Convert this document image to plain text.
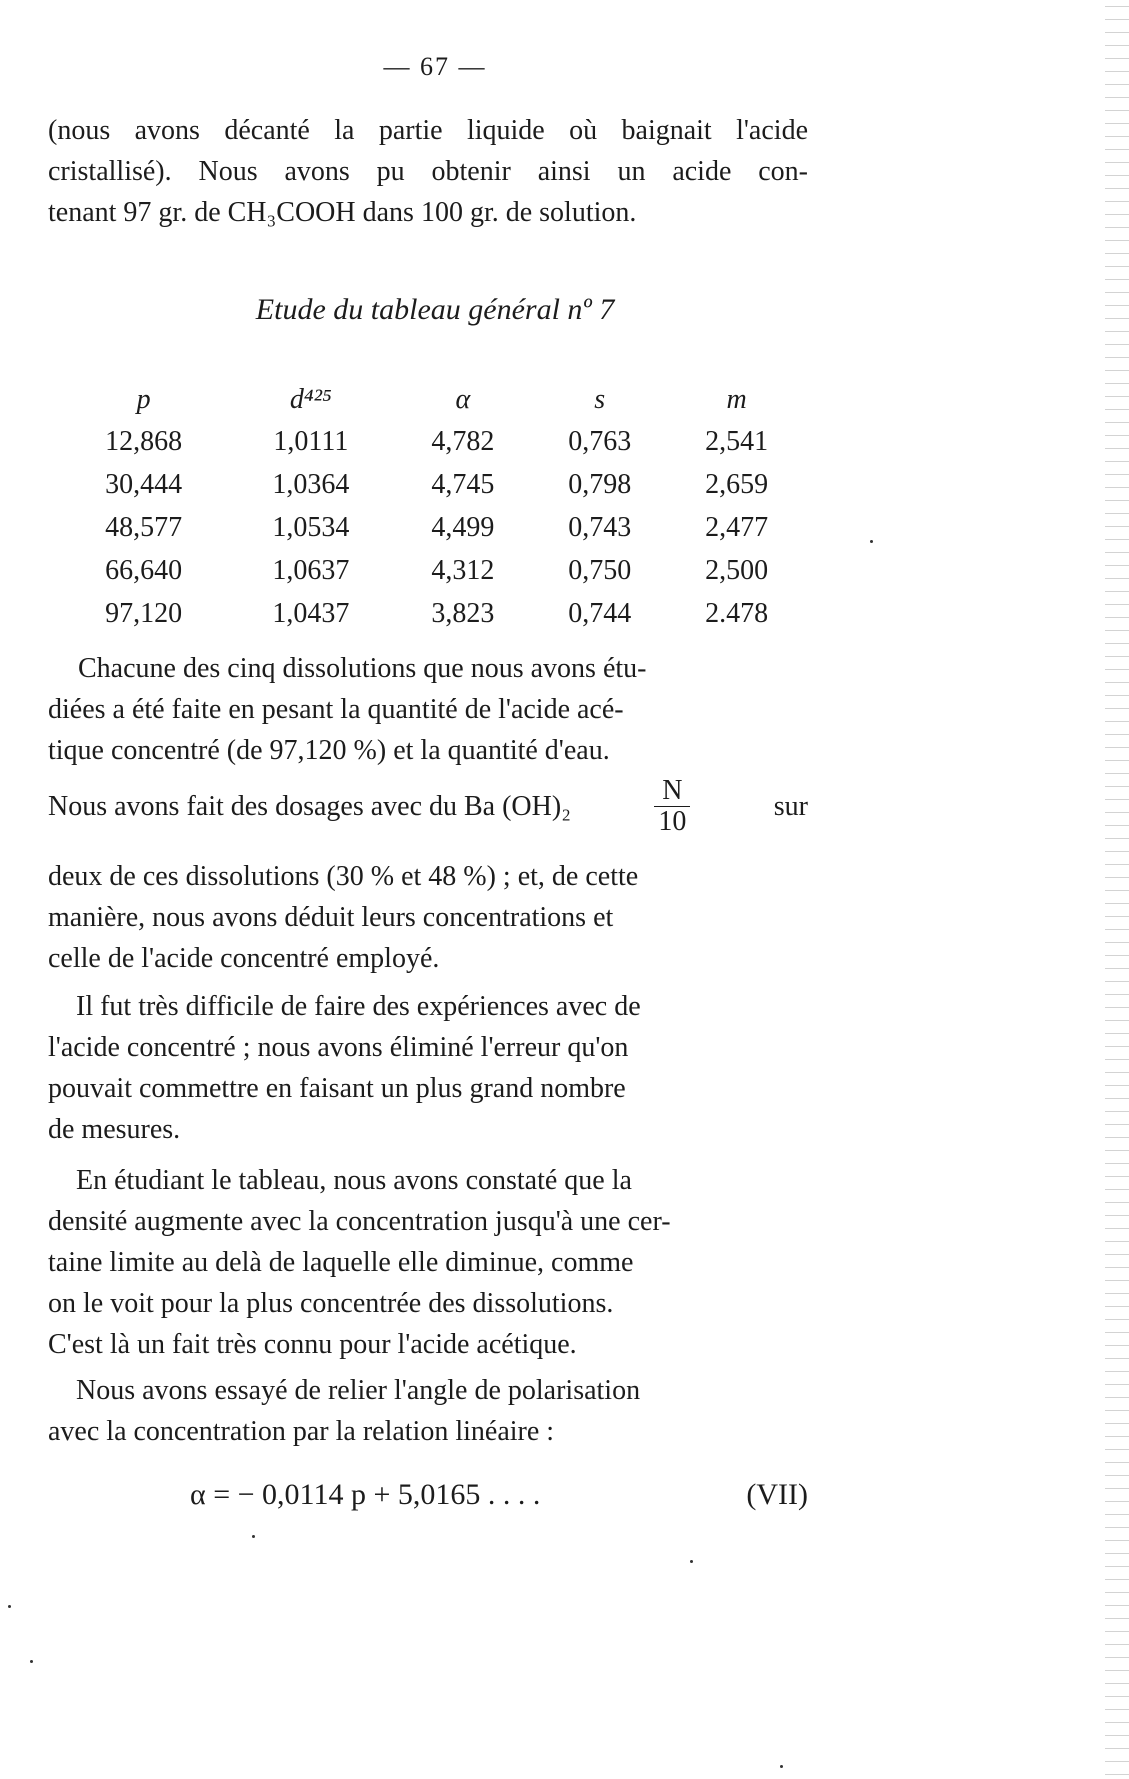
— 67 —
(nous avons décanté la partie liquide où baignait l'acide
cristallisé). Nous avons pu obtenir ainsi un acide con-
tenant 97 gr. de CH₃COOH dans 100 gr. de solution.
Etude du tableau général nº 7
p	d⁴²⁵	α	s	m
12,868	1,0111	4,782	0,763	2,541
30,444	1,0364	4,745	0,798	2,659
48,577	1,0534	4,499	0,743	2,477
66,640	1,0637	4,312	0,750	2,500
97,120	1,0437	3,823	0,744	2.478
Chacune des cinq dissolutions que nous avons étu-
diées a été faite en pesant la quantité de l'acide acé-
tique concentré (de 97,120 %) et la quantité d'eau.
Nous avons fait des dosages avec du Ba (OH)₂	$\frac{N}{10}$	sur
deux de ces dissolutions (30 % et 48 %) ; et, de cette
manière, nous avons déduit leurs concentrations et
celle de l'acide concentré employé.
Il fut très difficile de faire des expériences avec de
l'acide concentré ; nous avons éliminé l'erreur qu'on
pouvait commettre en faisant un plus grand nombre
de mesures.
En étudiant le tableau, nous avons constaté que la
densité augmente avec la concentration jusqu'à une cer-
taine limite au delà de laquelle elle diminue, comme
on le voit pour la plus concentrée des dissolutions.
C'est là un fait très connu pour l'acide acétique.
Nous avons essayé de relier l'angle de polarisation
avec la concentration par la relation linéaire :
α = − 0,0114 p + 5,0165 . . . .	(VII)
